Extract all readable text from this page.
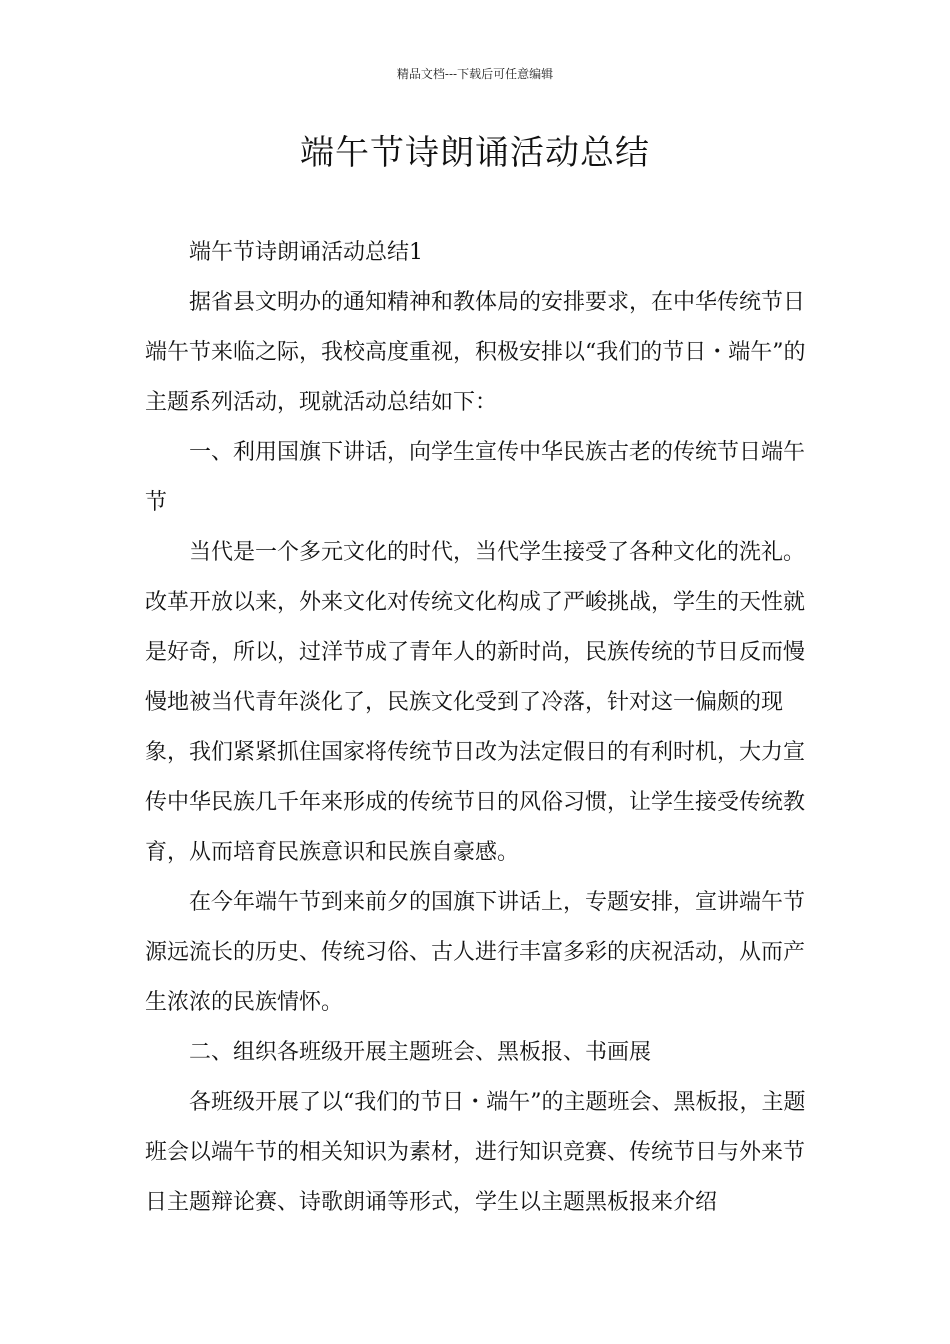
精品文档---下载后可任意编辑
端午节诗朗诵活动总结

端午节诗朗诵活动总结1

据省县文明办的通知精神和教体局的安排要求，在中华传统节日端午节来临之际，我校高度重视，积极安排以“我们的节日・端午”的主题系列活动，现就活动总结如下：

一、利用国旗下讲话，向学生宣传中华民族古老的传统节日端午节

当代是一个多元文化的时代，当代学生接受了各种文化的洗礼。改革开放以来，外来文化对传统文化构成了严峻挑战，学生的天性就是好奇，所以，过洋节成了青年人的新时尚，民族传统的节日反而慢慢地被当代青年淡化了，民族文化受到了冷落，针对这一偏颇的现象，我们紧紧抓住国家将传统节日改为法定假日的有利时机，大力宣传中华民族几千年来形成的传统节日的风俗习惯，让学生接受传统教育，从而培育民族意识和民族自豪感。

在今年端午节到来前夕的国旗下讲话上，专题安排，宣讲端午节源远流长的历史、传统习俗、古人进行丰富多彩的庆祝活动，从而产生浓浓的民族情怀。

二、组织各班级开展主题班会、黑板报、书画展

各班级开展了以“我们的节日・端午”的主题班会、黑板报，主题班会以端午节的相关知识为素材，进行知识竞赛、传统节日与外来节日主题辩论赛、诗歌朗诵等形式，学生以主题黑板报来介绍
